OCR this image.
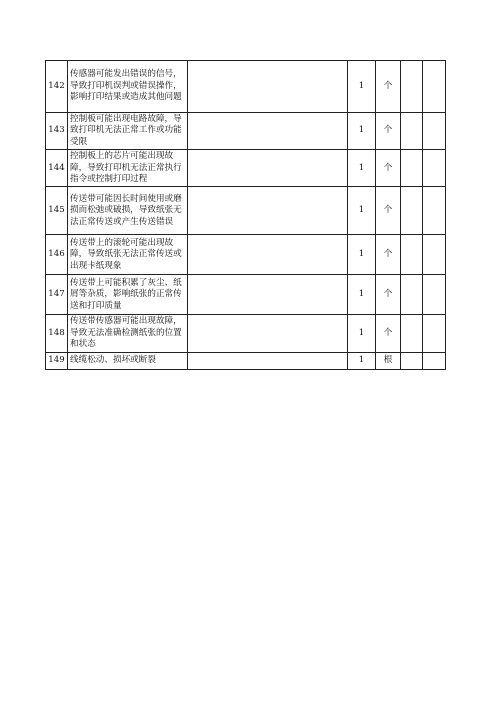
142	传感器可能发出错误的信号，导致打印机误判或错误操作，影响打印结果或造成其他问题		1	个		
143	控制板可能出现电路故障，导致打印机无法正常工作或功能受限		1	个		
144	控制板上的芯片可能出现故障，导致打印机无法正常执行指令或控制打印过程		1	个		
145	传送带可能因长时间使用或磨损而松弛或破损，导致纸张无法正常传送或产生传送错误		1	个		
146	传送带上的滚轮可能出现故障，导致纸张无法正常传送或出现卡纸现象		1	个		
147	传送带上可能积累了灰尘、纸屑等杂质，影响纸张的正常传送和打印质量		1	个		
148	传送带传感器可能出现故障，导致无法准确检测纸张的位置和状态		1	个		
149	线缆松动、损坏或断裂		1	根		
